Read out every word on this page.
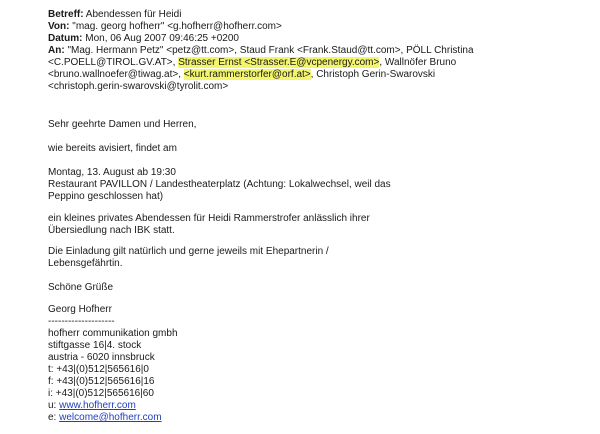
Betreff: Abendessen für Heidi
Von: "mag. georg hofherr" <g.hofherr@hofherr.com>
Datum: Mon, 06 Aug 2007 09:46:25 +0200
An: "Mag. Hermann Petz" <petz@tt.com>, Staud Frank <Frank.Staud@tt.com>, PÖLL Christina
<C.POELL@TIROL.GV.AT>, Strasser Ernst <Strasser.E@vcpenergy.com>, Wallnöfer Bruno
<bruno.wallnoefer@tiwag.at>, <kurt.rammerstorfer@orf.at>, Christoph Gerin-Swarovski
<christoph.gerin-swarovski@tyrolit.com>
Sehr geehrte Damen und Herren,
wie bereits avisiert, findet am
Montag, 13. August ab 19:30
Restaurant PAVILLON / Landestheaterplatz (Achtung: Lokalwechsel, weil das
Peppino geschlossen hat)
ein kleines privates Abendessen für Heidi Rammerstrofer anlässlich ihrer
Übersiedlung nach IBK statt.
Die Einladung gilt natürlich und gerne jeweils mit Ehepartnerin /
Lebensgefährtin.
Schöne Grüße
Georg Hofherr
--------------------
hofherr communikation gmbh
stiftgasse 16|4. stock
austria - 6020 innsbruck
t: +43|(0)512|565616|0
f: +43|(0)512|565616|16
i: +43|(0)512|565616|60
u: www.hofherr.com
e: welcome@hofherr.com
